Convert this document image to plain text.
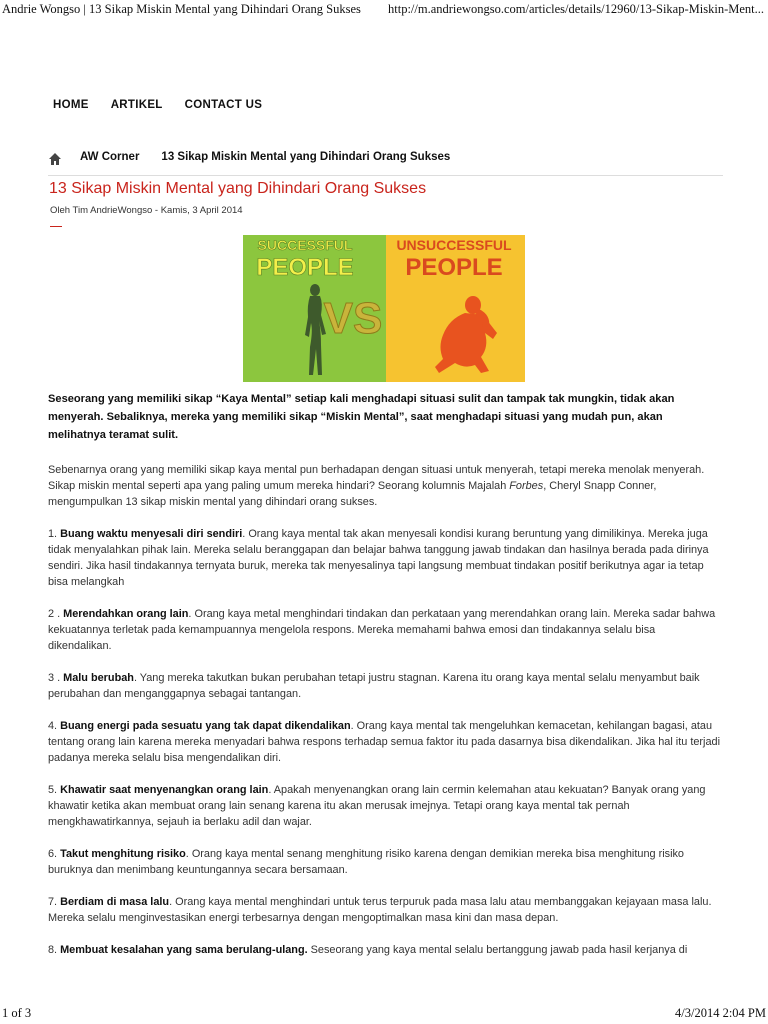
Andrie Wongso | 13 Sikap Miskin Mental yang Dihindari Orang Sukses http://m.andriewongso.com/articles/details/12960/13-Sikap-Miskin-Ment...
HOME ARTIKEL CONTACT US
AW Corner 13 Sikap Miskin Mental yang Dihindari Orang Sukses
13 Sikap Miskin Mental yang Dihindari Orang Sukses
Oleh Tim AndrieWongso - Kamis, 3 April 2014
SUCCESSFUL
PEOPLE
UNSUCCESSFUL
PEOPLE
VS

Seseorang yang memiliki sikap “Kaya Mental” setiap kali menghadapi situasi sulit dan tampak tak mungkin, tidak akan menyerah. Sebaliknya, mereka yang memiliki sikap “Miskin Mental”, saat menghadapi situasi yang mudah pun, akan melihatnya teramat sulit.

Sebenarnya orang yang memiliki sikap kaya mental pun berhadapan dengan situasi untuk menyerah, tetapi mereka menolak menyerah. Sikap miskin mental seperti apa yang paling umum mereka hindari? Seorang kolumnis Majalah Forbes, Cheryl Snapp Conner, mengumpulkan 13 sikap miskin mental yang dihindari orang sukses.

1. Buang waktu menyesali diri sendiri. Orang kaya mental tak akan menyesali kondisi kurang beruntung yang dimilikinya. Mereka juga tidak menyalahkan pihak lain. Mereka selalu beranggapan dan belajar bahwa tanggung jawab tindakan dan hasilnya berada pada dirinya sendiri. Jika hasil tindakannya ternyata buruk, mereka tak menyesalinya tapi langsung membuat tindakan positif berikutnya agar ia tetap bisa melangkah

2 . Merendahkan orang lain. Orang kaya metal menghindari tindakan dan perkataan yang merendahkan orang lain. Mereka sadar bahwa kekuatannya terletak pada kemampuannya mengelola respons. Mereka memahami bahwa emosi dan tindakannya selalu bisa dikendalikan.

3 . Malu berubah. Yang mereka takutkan bukan perubahan tetapi justru stagnan. Karena itu orang kaya mental selalu menyambut baik perubahan dan menganggapnya sebagai tantangan.

4. Buang energi pada sesuatu yang tak dapat dikendalikan. Orang kaya mental tak mengeluhkan kemacetan, kehilangan bagasi, atau tentang orang lain karena mereka menyadari bahwa respons terhadap semua faktor itu pada dasarnya bisa dikendalikan. Jika hal itu terjadi padanya mereka selalu bisa mengendalikan diri.

5. Khawatir saat menyenangkan orang lain. Apakah menyenangkan orang lain cermin kelemahan atau kekuatan? Banyak orang yang khawatir ketika akan membuat orang lain senang karena itu akan merusak imejnya. Tetapi orang kaya mental tak pernah mengkhawatirkannya, sejauh ia berlaku adil dan wajar.

6. Takut menghitung risiko. Orang kaya mental senang menghitung risiko karena dengan demikian mereka bisa menghitung risiko buruknya dan menimbang keuntungannya secara bersamaan.

7. Berdiam di masa lalu. Orang kaya mental menghindari untuk terus terpuruk pada masa lalu atau membanggakan kejayaan masa lalu. Mereka selalu menginvestasikan energi terbesarnya dengan mengoptimalkan masa kini dan masa depan.

8. Membuat kesalahan yang sama berulang-ulang. Seseorang yang kaya mental selalu bertanggung jawab pada hasil kerjanya di

1 of 3	4/3/2014 2:04 PM
